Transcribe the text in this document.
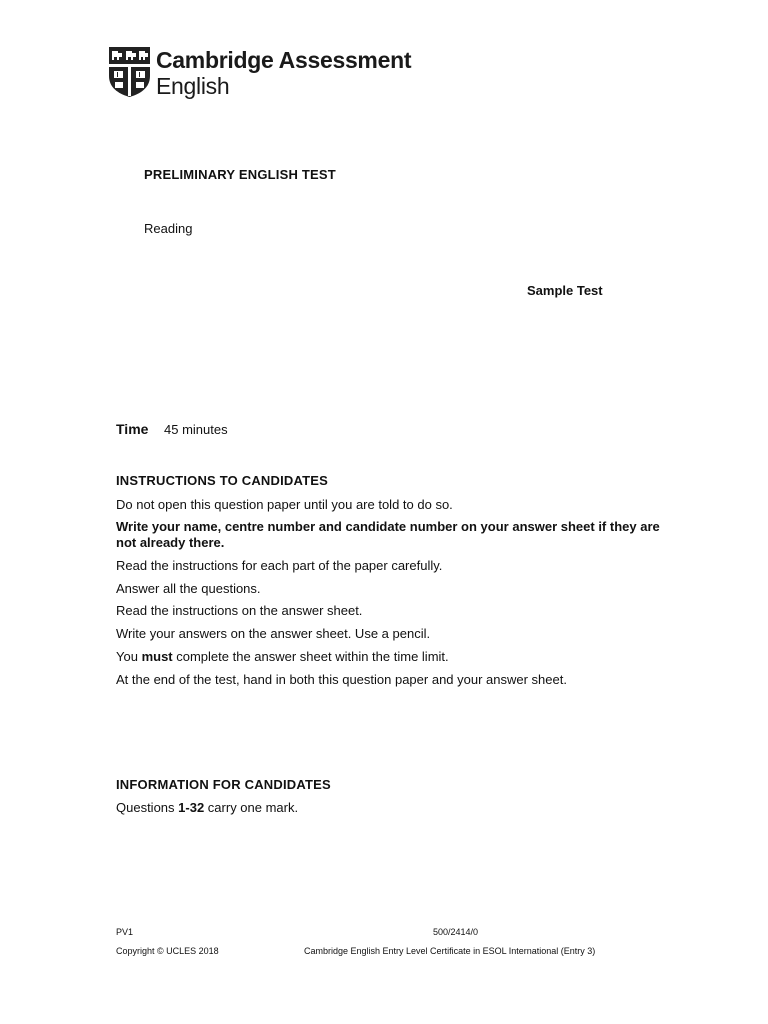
Cambridge Assessment
English
PRELIMINARY ENGLISH TEST
Reading
Sample Test
Time 45 minutes
INSTRUCTIONS TO CANDIDATES
Do not open this question paper until you are told to do so.
Write your name, centre number and candidate number on your answer sheet if they are not already there.
Read the instructions for each part of the paper carefully.
Answer all the questions.
Read the instructions on the answer sheet.
Write your answers on the answer sheet. Use a pencil.
You must complete the answer sheet within the time limit.
At the end of the test, hand in both this question paper and your answer sheet.
INFORMATION FOR CANDIDATES
Questions 1-32 carry one mark.
PV1
Copyright © UCLES 2018
500/2414/0
Cambridge English Entry Level Certificate in ESOL International (Entry 3)
